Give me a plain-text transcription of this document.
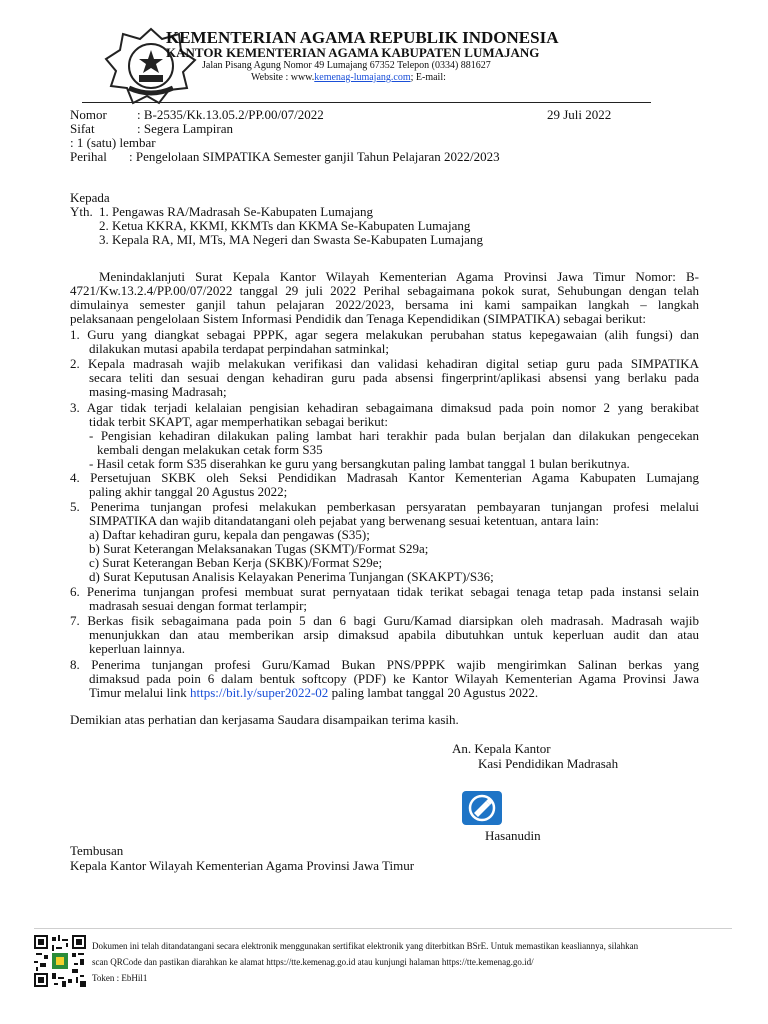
KEMENTERIAN AGAMA REPUBLIK INDONESIA
KANTOR KEMENTERIAN AGAMA KABUPATEN LUMAJANG
Jalan Pisang Agung Nomor 49 Lumajang 67352 Telepon (0334) 881627
Website : www.kemenag-lumajang.com; E-mail:
Nomor : B-2535/Kk.13.05.2/PP.00/07/2022	29 Juli 2022
Sifat	: Segera Lampiran
: 1 (satu) lembar
Perihal : Pengelolaan SIMPATIKA Semester ganjil Tahun Pelajaran 2022/2023
Kepada
Yth. 1. Pengawas RA/Madrasah Se-Kabupaten Lumajang
2. Ketua KKRA, KKMI, KKMTs dan KKMA Se-Kabupaten Lumajang
3. Kepala RA, MI, MTs, MA Negeri dan Swasta Se-Kabupaten Lumajang
Menindaklanjuti Surat Kepala Kantor Wilayah Kementerian Agama Provinsi Jawa Timur Nomor: B-
4721/Kw.13.2.4/PP.00/07/2022 tanggal 29 juli 2022 Perihal sebagaimana pokok surat, Sehubungan dengan telah
dimulainya semester ganjil tahun pelajaran 2022/2023, bersama ini kami sampaikan langkah – langkah
pelaksanaan pengelolaan Sistem Informasi Pendidik dan Tenaga Kependidikan (SIMPATIKA) sebagai berikut:
1. Guru yang diangkat sebagai PPPK, agar segera melakukan perubahan status kepegawaian (alih fungsi) dan
dilakukan mutasi apabila terdapat perpindahan satminkal;
2. Kepala madrasah wajib melakukan verifikasi dan validasi kehadiran digital setiap guru pada SIMPATIKA
secara teliti dan sesuai dengan kehadiran guru pada absensi fingerprint/aplikasi absensi yang berlaku pada
masing-masing Madrasah;
3. Agar tidak terjadi kelalaian pengisian kehadiran sebagaimana dimaksud pada poin nomor 2 yang berakibat
tidak terbit SKAPT, agar memperhatikan sebagai berikut:
- Pengisian kehadiran dilakukan paling lambat hari terakhir pada bulan berjalan dan dilakukan pengecekan
kembali dengan melakukan cetak form S35
- Hasil cetak form S35 diserahkan ke guru yang bersangkutan paling lambat tanggal 1 bulan berikutnya.
4. Persetujuan SKBK oleh Seksi Pendidikan Madrasah Kantor Kementerian Agama Kabupaten Lumajang
paling akhir tanggal 20 Agustus 2022;
5. Penerima tunjangan profesi melakukan pemberkasan persyaratan pembayaran tunjangan profesi melalui
SIMPATIKA dan wajib ditandatangani oleh pejabat yang berwenang sesuai ketentuan, antara lain:
a) Daftar kehadiran guru, kepala dan pengawas (S35);
b) Surat Keterangan Melaksanakan Tugas (SKMT)/Format S29a;
c) Surat Keterangan Beban Kerja (SKBK)/Format S29e;
d) Surat Keputusan Analisis Kelayakan Penerima Tunjangan (SKAKPT)/S36;
6. Penerima tunjangan profesi membuat surat pernyataan tidak terikat sebagai tenaga tetap pada instansi selain
madrasah sesuai dengan format terlampir;
7. Berkas fisik sebagaimana pada poin 5 dan 6 bagi Guru/Kamad diarsipkan oleh madrasah. Madrasah wajib
menunjukkan dan atau memberikan arsip dimaksud apabila dibutuhkan untuk keperluan audit dan atau
keperluan lainnya.
8. Penerima tunjangan profesi Guru/Kamad Bukan PNS/PPPK wajib mengirimkan Salinan berkas yang
dimaksud pada poin 6 dalam bentuk softcopy (PDF) ke Kantor Wilayah Kementerian Agama Provinsi Jawa
Timur melalui link https://bit.ly/super2022-02 paling lambat tanggal 20 Agustus 2022.
Demikian atas perhatian dan kerjasama Saudara disampaikan terima kasih.
An. Kepala Kantor
Kasi Pendidikan Madrasah
Hasanudin
Tembusan
Kepala Kantor Wilayah Kementerian Agama Provinsi Jawa Timur
Dokumen ini telah ditandatangani secara elektronik menggunakan sertifikat elektronik yang diterbitkan BSrE. Untuk memastikan keasliannya, silahkan
scan QRCode dan pastikan diarahkan ke alamat https://tte.kemenag.go.id atau kunjungi halaman https://tte.kemenag.go.id/
Token : EbHil1
